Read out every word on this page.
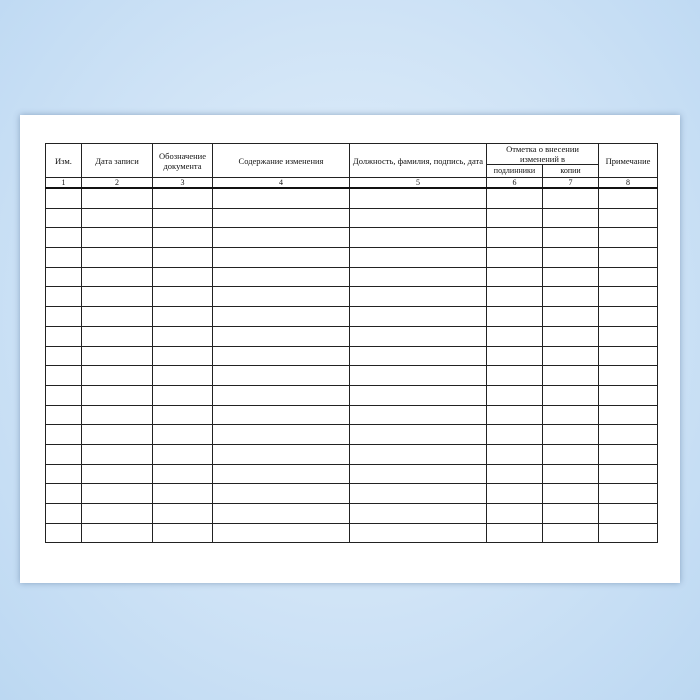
Изм.	Дата записи	Обозначение документа	Содержание изменения	Должность, фамилия, подпись, дата	Отметка о внесении изменений в		Примечание
					подлинники	копии	
1	2	3	4	5	6	7	8
